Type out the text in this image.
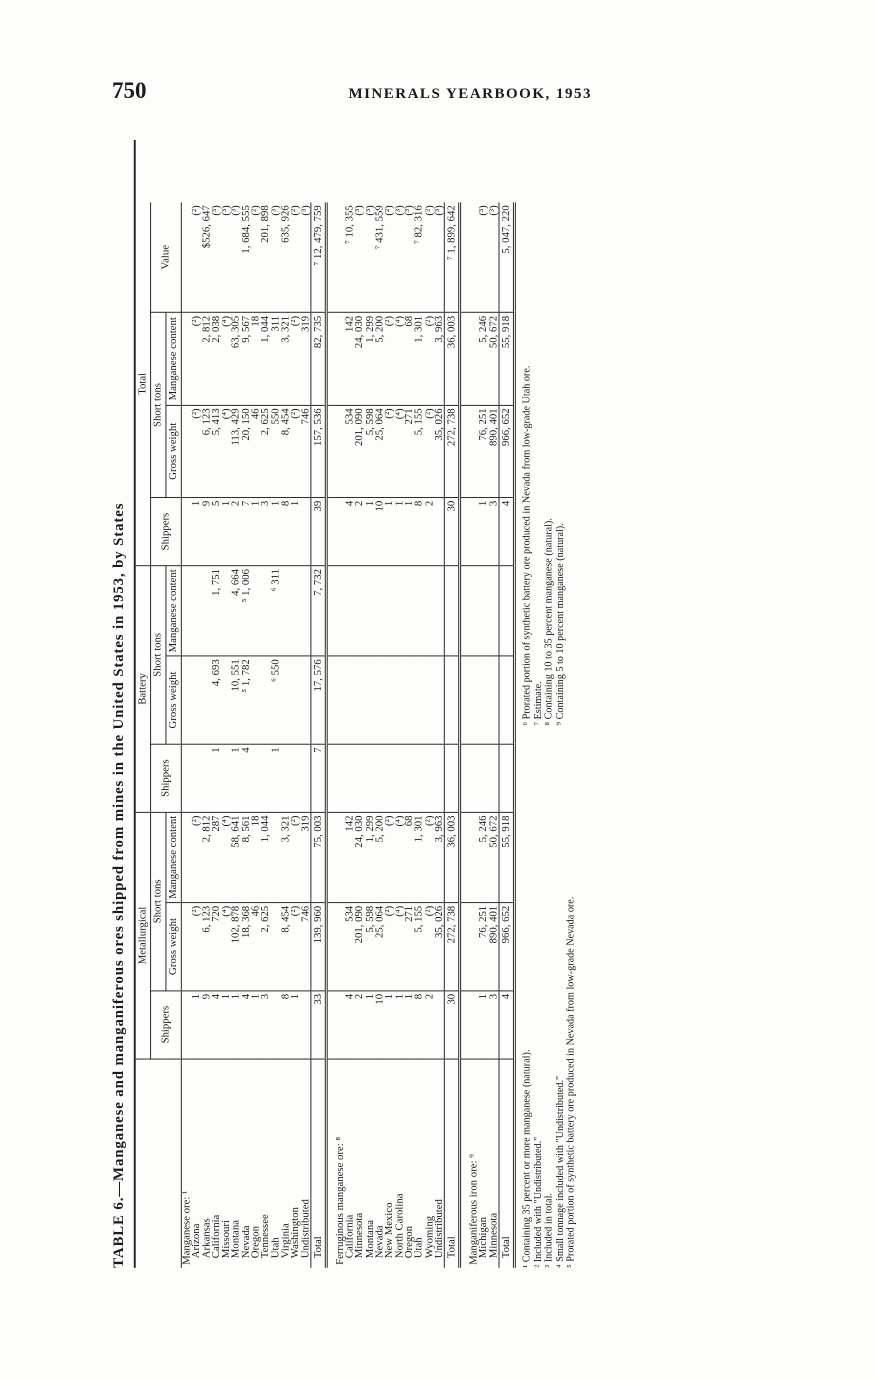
750	MINERALS YEARBOOK, 1953
TABLE 6.—Manganese and manganiferous ores shipped from mines in the United States in 1953, by States
	Metallurgical			Battery			Total			
	Shippers	Short tons		Shippers	Short tons		Shippers	Short tons		Value
		Gross weight	Manganese content		Gross weight	Manganese content		Gross weight	Manganese content	
Manganese ore: ¹										
Arizona	1	(²)	(²)				1	(²)	(²)	(²)
Arkansas	9	6, 123	2, 812				9	6, 123	2, 812	$526, 647
California	4	720	287	1	4, 693	1, 751	5	5, 413	2, 038	(³)
Missouri	1	(⁴)	(⁴)				1	(⁴)	(⁴)	(³)
Montana	1	102, 878	58, 641	1	10, 551	4, 664	2	113, 429	63, 305	(³)
Nevada	4	18, 368	8, 561	4	⁵ 1, 782	⁵ 1, 006	7	20, 150	9, 567	1, 684, 555
Oregon	1	46	18				1	46	18	(²)
Tennessee	3	2, 625	1, 044				3	2, 625	1, 044	201, 898
Utah				1	⁶ 550	⁶ 311	1	550	311	(³)
Virginia	8	8, 454	3, 321				8	8, 454	3, 321	635, 926
Washington	1	(²)	(²)				1	(²)	(²)	(²)
Undistributed		746	319					746	319	(³)
Total	33	139, 960	75, 003	7	17, 576	7, 732	39	157, 536	82, 735	⁷ 12, 479, 759

Ferruginous manganese ore: ⁸										
California	4	534	142				4	534	142	⁷ 10, 355
Minnesota	2	201, 090	24, 030				2	201, 090	24, 030	(³)
Montana	1	5, 598	1, 299				1	5, 598	1, 299	(³)
Nevada	10	25, 064	5, 200				10	25, 064	5, 200	⁷ 431, 559
New Mexico	1	(²)	(²)				1	(²)	(²)	(²)
North Carolina	1	(⁴)	(⁴)				1	(⁴)	(⁴)	(³)
Oregon	1	271	68				1	271	68	(³)
Utah	8	5, 155	1, 301				8	5, 155	1, 301	⁷ 82, 316
Wyoming	2	(²)	(²)				2	(²)	(²)	(²)
Undistributed		35, 026	3, 963					35, 026	3, 963	(³)
Total	30	272, 738	36, 003				30	272, 738	36, 003	⁷ 1, 899, 642

Manganiferous iron ore: ⁹										
Michigan	1	76, 251	5, 246				1	76, 251	5, 246	(³)
Minnesota	3	890, 401	50, 672				3	890, 401	50, 672	(³)
Total	4	966, 652	55, 918				4	966, 652	55, 918	5, 047, 220

¹ Containing 35 percent or more manganese (natural). ² Included with "Undistributed." ³ Included in total. ⁴ Small tonnage included with "Undistributed." ⁵ Prorated portion of synthetic battery ore produced in Nevada from low-grade Nevada ore.

⁶ Prorated portion of synthetic battery ore produced in Nevada from low-grade Utah ore. ⁷ Estimate. ⁸ Containing 10 to 35 percent manganese (natural). ⁹ Containing 5 to 10 percent manganese (natural).
